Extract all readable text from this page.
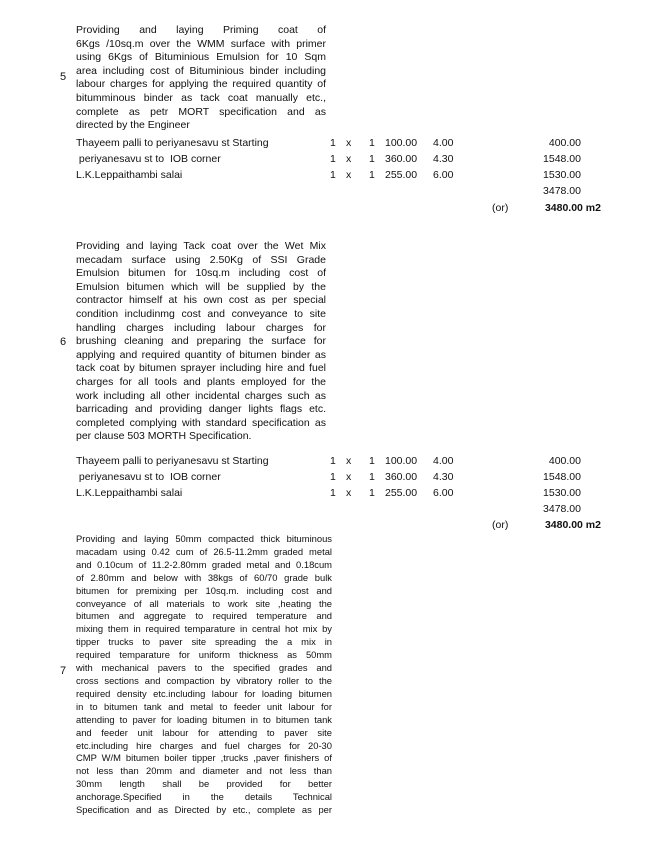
5
Providing and laying Priming coat of
6Kgs /10sq.m over the WMM surface with primer
using 6Kgs of Bituminious Emulsion for 10 Sqm
area including cost of Bituminious binder including
labour charges for applying the required quantity of
bitumminous binder as tack coat manually etc.,
complete as petr MORT specification and as
directed by the Engineer
Thayeem palli to periyanesavu st Starting	1 x 1 100.00 4.00	400.00
periyanesavu st to  IOB corner	1 x 1 360.00 4.30	1548.00
L.K.Leppaithambi salai	1 x 1 255.00 6.00	1530.00
3478.00
(or)	3480.00 m2
6
Providing and laying Tack coat over the Wet Mix
mecadam surface using 2.50Kg of SSI Grade
Emulsion bitumen for 10sq.m including cost of
Emulsion bitumen which will be supplied by the
contractor himself at his own cost as per special
condition includinmg cost and conveyance to site
handling charges including labour charges for
brushing cleaning and preparing the surface for
applying and required quantity of bitumen binder as
tack coat by bitumen sprayer including hire and fuel
charges for all tools and plants employed for the
work including all other incidental charges such as
barricading and providing danger lights flags etc.
completed complying with standard specification as
per clause 503 MORTH Specification.
Thayeem palli to periyanesavu st Starting	1 x 1 100.00 4.00	400.00
periyanesavu st to  IOB corner	1 x 1 360.00 4.30	1548.00
L.K.Leppaithambi salai	1 x 1 255.00 6.00	1530.00
3478.00
(or)	3480.00 m2
7
Providing and laying 50mm compacted thick bituminous
macadam using 0.42 cum of 26.5-11.2mm graded metal
and 0.10cum of 11.2-2.80mm graded metal and 0.18cum
of 2.80mm and below with 38kgs of 60/70 grade bulk
bitumen for premixing per 10sq.m. including cost and
conveyance of all materials to work site ,heating the
bitumen and aggregate to required temperature and
mixing them in required temparature in central hot mix by
tipper trucks to paver site spreading the a mix in
required temparature for uniform thickness as 50mm
with mechanical pavers to the specified grades and
cross sections and compaction by vibratory roller to the
required density etc.including labour for loading bitumen
in to bitumen tank and metal to feeder unit labour for
attending to paver for loading bitumen in to bitumen tank
and feeder unit labour for attending to paver site
etc.including hire charges and fuel charges for 20-30
CMP W/M bitumen boiler tipper ,trucks ,paver finishers of
not less than 20mm and diameter and not less than
30mm length shall be provided for better
anchorage.Specified in the details Technical
Specification and as Directed by etc., complete as per
